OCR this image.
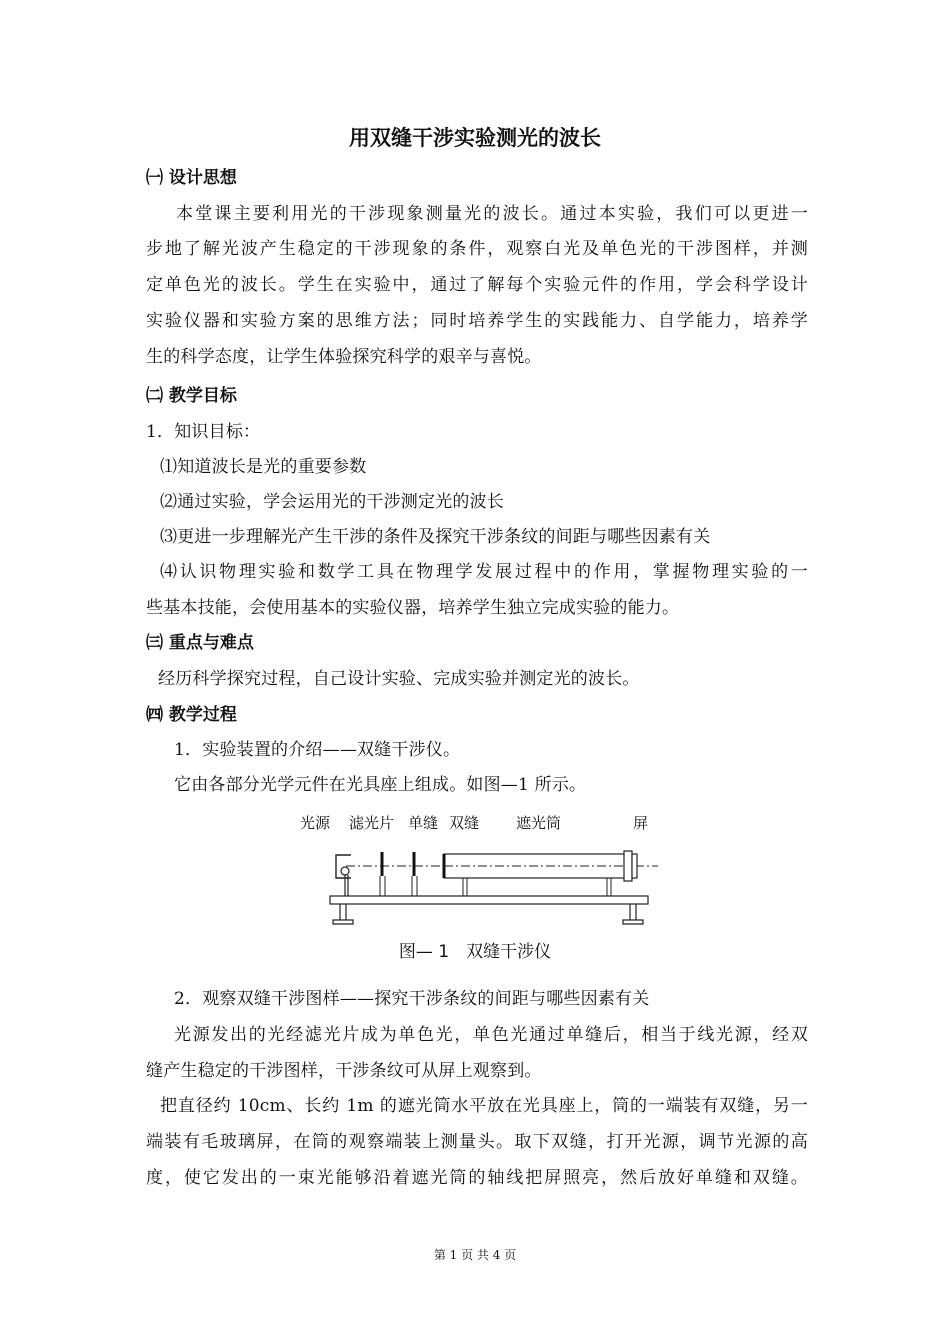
用双缝干涉实验测光的波长
㈠ 设计思想
本堂课主要利用光的干涉现象测量光的波长。通过本实验，我们可以更进一
步地了解光波产生稳定的干涉现象的条件，观察白光及单色光的干涉图样，并测
定单色光的波长。学生在实验中，通过了解每个实验元件的作用，学会科学设计
实验仪器和实验方案的思维方法；同时培养学生的实践能力、自学能力，培养学
生的科学态度，让学生体验探究科学的艰辛与喜悦。
㈡ 教学目标
1．知识目标：
⑴知道波长是光的重要参数
⑵通过实验，学会运用光的干涉测定光的波长
⑶更进一步理解光产生干涉的条件及探究干涉条纹的间距与哪些因素有关
⑷认识物理实验和数学工具在物理学发展过程中的作用，掌握物理实验的一
些基本技能，会使用基本的实验仪器，培养学生独立完成实验的能力。
㈢ 重点与难点
经历科学探究过程，自己设计实验、完成实验并测定光的波长。
㈣ 教学过程
1．实验装置的介绍——双缝干涉仪。
它由各部分光学元件在光具座上组成。如图—1 所示。
光源 滤光片 单缝 双缝 遮光筒	屏
图— 1　双缝干涉仪
2．观察双缝干涉图样——探究干涉条纹的间距与哪些因素有关
光源发出的光经滤光片成为单色光，单色光通过单缝后，相当于线光源，经双
缝产生稳定的干涉图样，干涉条纹可从屏上观察到。
把直径约 10cm、长约 1m 的遮光筒水平放在光具座上，筒的一端装有双缝，另一
端装有毛玻璃屏，在筒的观察端装上测量头。取下双缝，打开光源，调节光源的高
度，使它发出的一束光能够沿着遮光筒的轴线把屏照亮，然后放好单缝和双缝。
第 1 页 共 4 页
